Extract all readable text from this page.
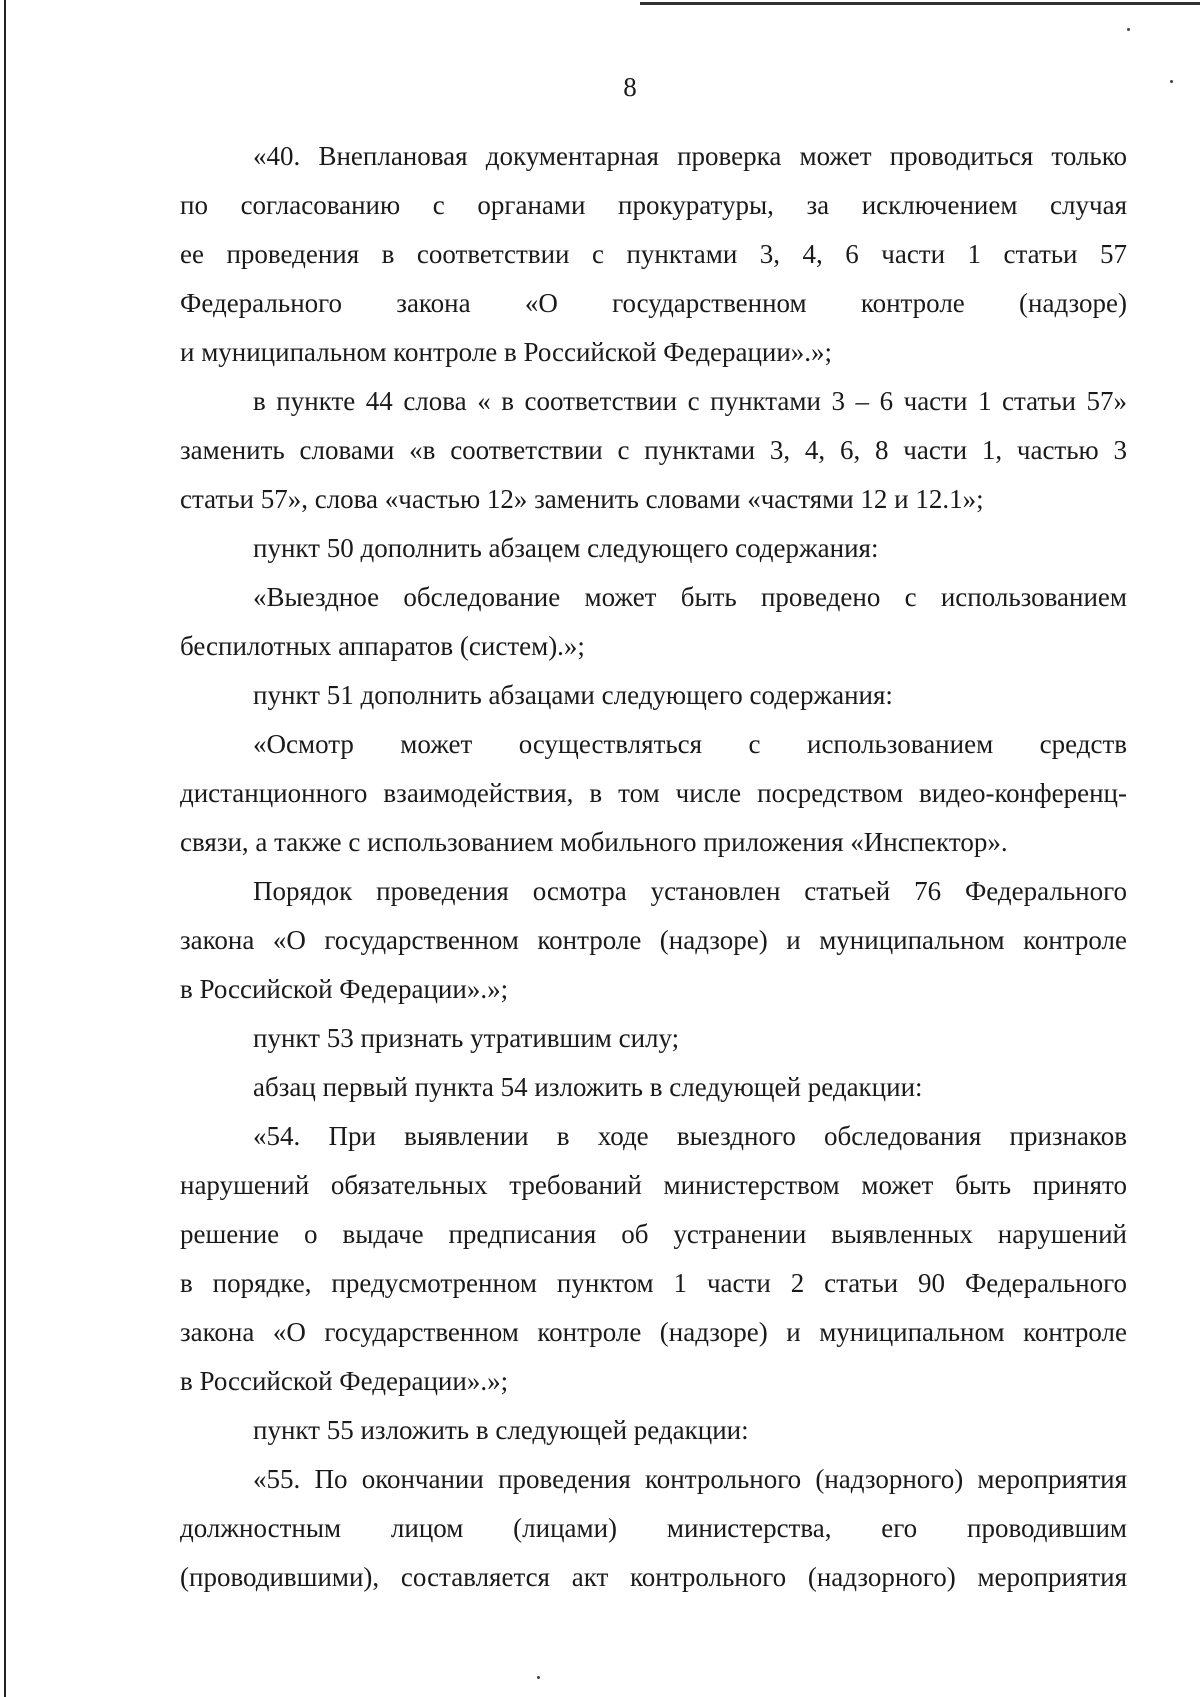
8
«40. Внеплановая документарная проверка может проводиться только
по согласованию с органами прокуратуры, за исключением случая
ее проведения в соответствии с пунктами 3, 4, 6 части 1 статьи 57
Федерального закона «О государственном контроле (надзоре)
и муниципальном контроле в Российской Федерации».»;
в пункте 44 слова « в соответствии с пунктами 3 – 6 части 1 статьи 57»
заменить словами «в соответствии с пунктами 3, 4, 6, 8 части 1, частью 3
статьи 57», слова «частью 12» заменить словами «частями 12 и 12.1»;
пункт 50 дополнить абзацем следующего содержания:
«Выездное обследование может быть проведено с использованием
беспилотных аппаратов (систем).»;
пункт 51 дополнить абзацами следующего содержания:
«Осмотр может осуществляться с использованием средств
дистанционного взаимодействия, в том числе посредством видео-конференц-
связи, а также с использованием мобильного приложения «Инспектор».
Порядок проведения осмотра установлен статьей 76 Федерального
закона «О государственном контроле (надзоре) и муниципальном контроле
в Российской Федерации».»;
пункт 53 признать утратившим силу;
абзац первый пункта 54 изложить в следующей редакции:
«54. При выявлении в ходе выездного обследования признаков
нарушений обязательных требований министерством может быть принято
решение о выдаче предписания об устранении выявленных нарушений
в порядке, предусмотренном пунктом 1 части 2 статьи 90 Федерального
закона «О государственном контроле (надзоре) и муниципальном контроле
в Российской Федерации».»;
пункт 55 изложить в следующей редакции:
«55. По окончании проведения контрольного (надзорного) мероприятия
должностным лицом (лицами) министерства, его проводившим
(проводившими), составляется акт контрольного (надзорного) мероприятия
